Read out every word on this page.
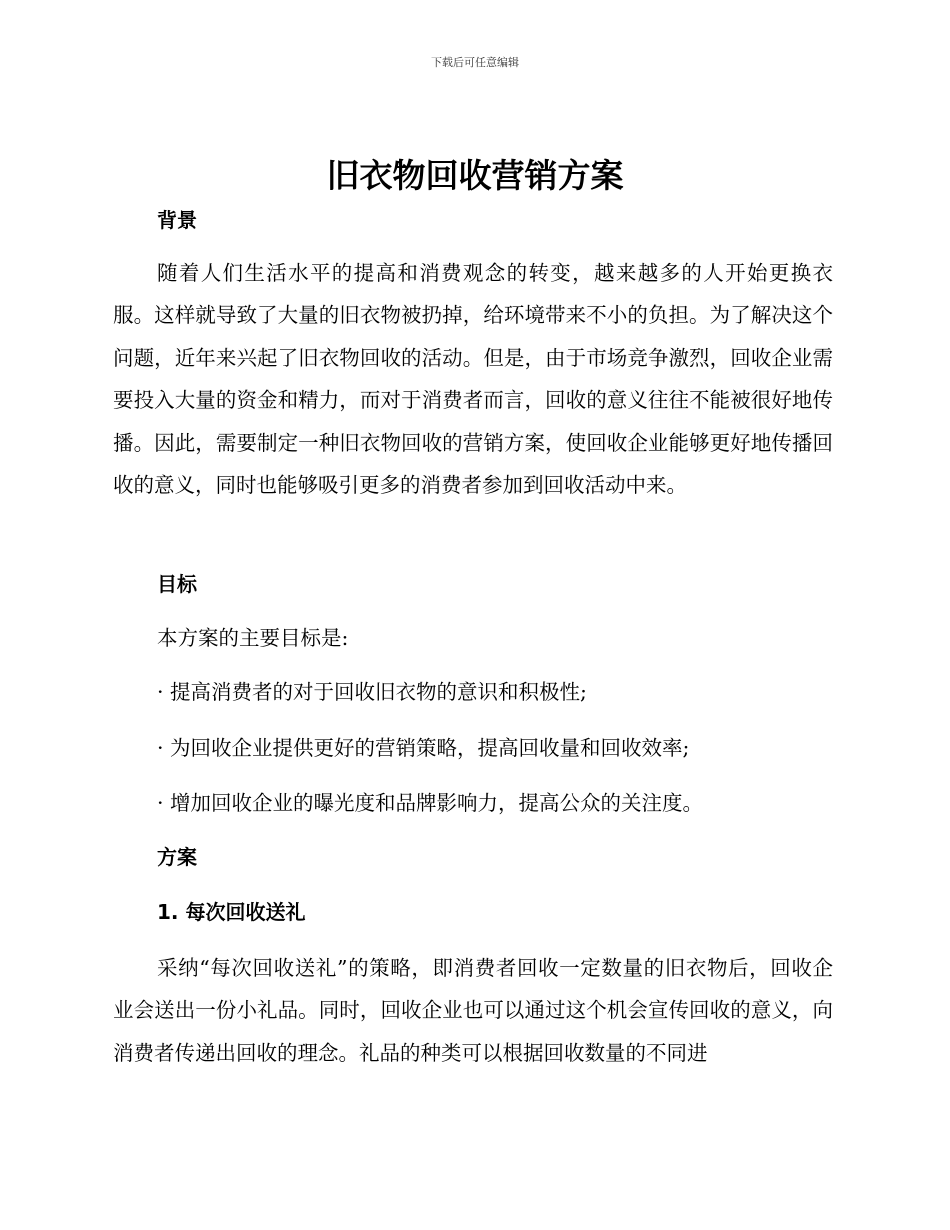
下载后可任意编辑
旧衣物回收营销方案
背景
随着人们生活水平的提高和消费观念的转变，越来越多的人开始更换衣服。这样就导致了大量的旧衣物被扔掉，给环境带来不小的负担。为了解决这个问题，近年来兴起了旧衣物回收的活动。但是，由于市场竞争激烈，回收企业需要投入大量的资金和精力，而对于消费者而言，回收的意义往往不能被很好地传播。因此，需要制定一种旧衣物回收的营销方案，使回收企业能够更好地传播回收的意义，同时也能够吸引更多的消费者参加到回收活动中来。
目标
本方案的主要目标是:
· 提高消费者的对于回收旧衣物的意识和积极性;
· 为回收企业提供更好的营销策略，提高回收量和回收效率;
· 增加回收企业的曝光度和品牌影响力，提高公众的关注度。
方案
1. 每次回收送礼
采纳“每次回收送礼”的策略，即消费者回收一定数量的旧衣物后，回收企业会送出一份小礼品。同时，回收企业也可以通过这个机会宣传回收的意义，向消费者传递出回收的理念。礼品的种类可以根据回收数量的不同进
